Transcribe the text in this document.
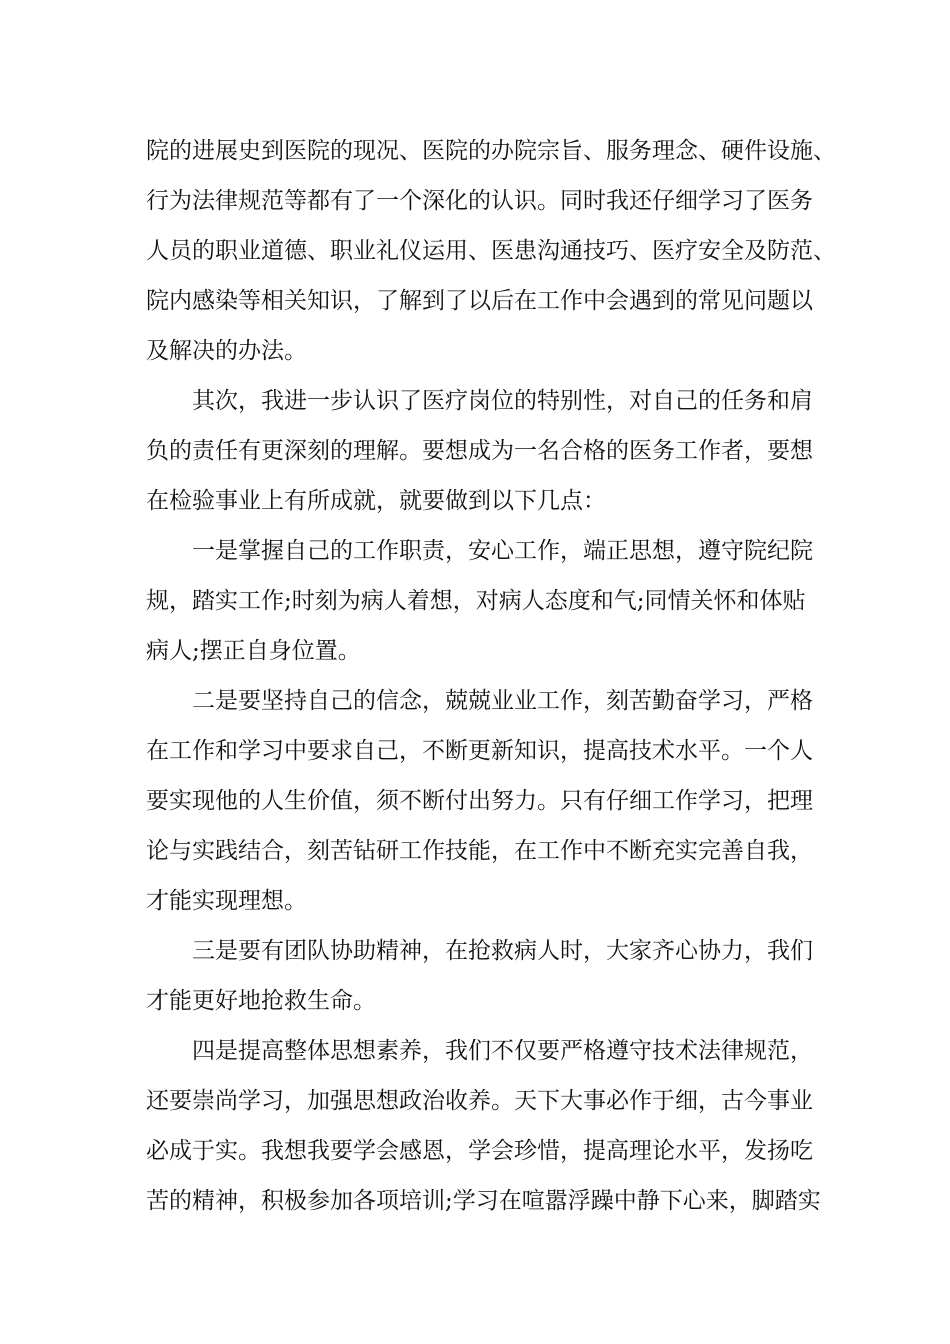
院的进展史到医院的现况、医院的办院宗旨、服务理念、硬件设施、
行为法律规范等都有了一个深化的认识。同时我还仔细学习了医务
人员的职业道德、职业礼仪运用、医患沟通技巧、医疗安全及防范、
院内感染等相关知识，了解到了以后在工作中会遇到的常见问题以
及解决的办法。
其次，我进一步认识了医疗岗位的特别性，对自己的任务和肩
负的责任有更深刻的理解。要想成为一名合格的医务工作者，要想
在检验事业上有所成就，就要做到以下几点：
一是掌握自己的工作职责，安心工作，端正思想，遵守院纪院
规，踏实工作;时刻为病人着想，对病人态度和气;同情关怀和体贴
病人;摆正自身位置。
二是要坚持自己的信念，兢兢业业工作，刻苦勤奋学习，严格
在工作和学习中要求自己，不断更新知识，提高技术水平。一个人
要实现他的人生价值，须不断付出努力。只有仔细工作学习，把理
论与实践结合，刻苦钻研工作技能，在工作中不断充实完善自我，
才能实现理想。
三是要有团队协助精神，在抢救病人时，大家齐心协力，我们
才能更好地抢救生命。
四是提高整体思想素养，我们不仅要严格遵守技术法律规范，
还要崇尚学习，加强思想政治收养。天下大事必作于细，古今事业
必成于实。我想我要学会感恩，学会珍惜，提高理论水平，发扬吃
苦的精神，积极参加各项培训;学习在喧嚣浮躁中静下心来，脚踏实
